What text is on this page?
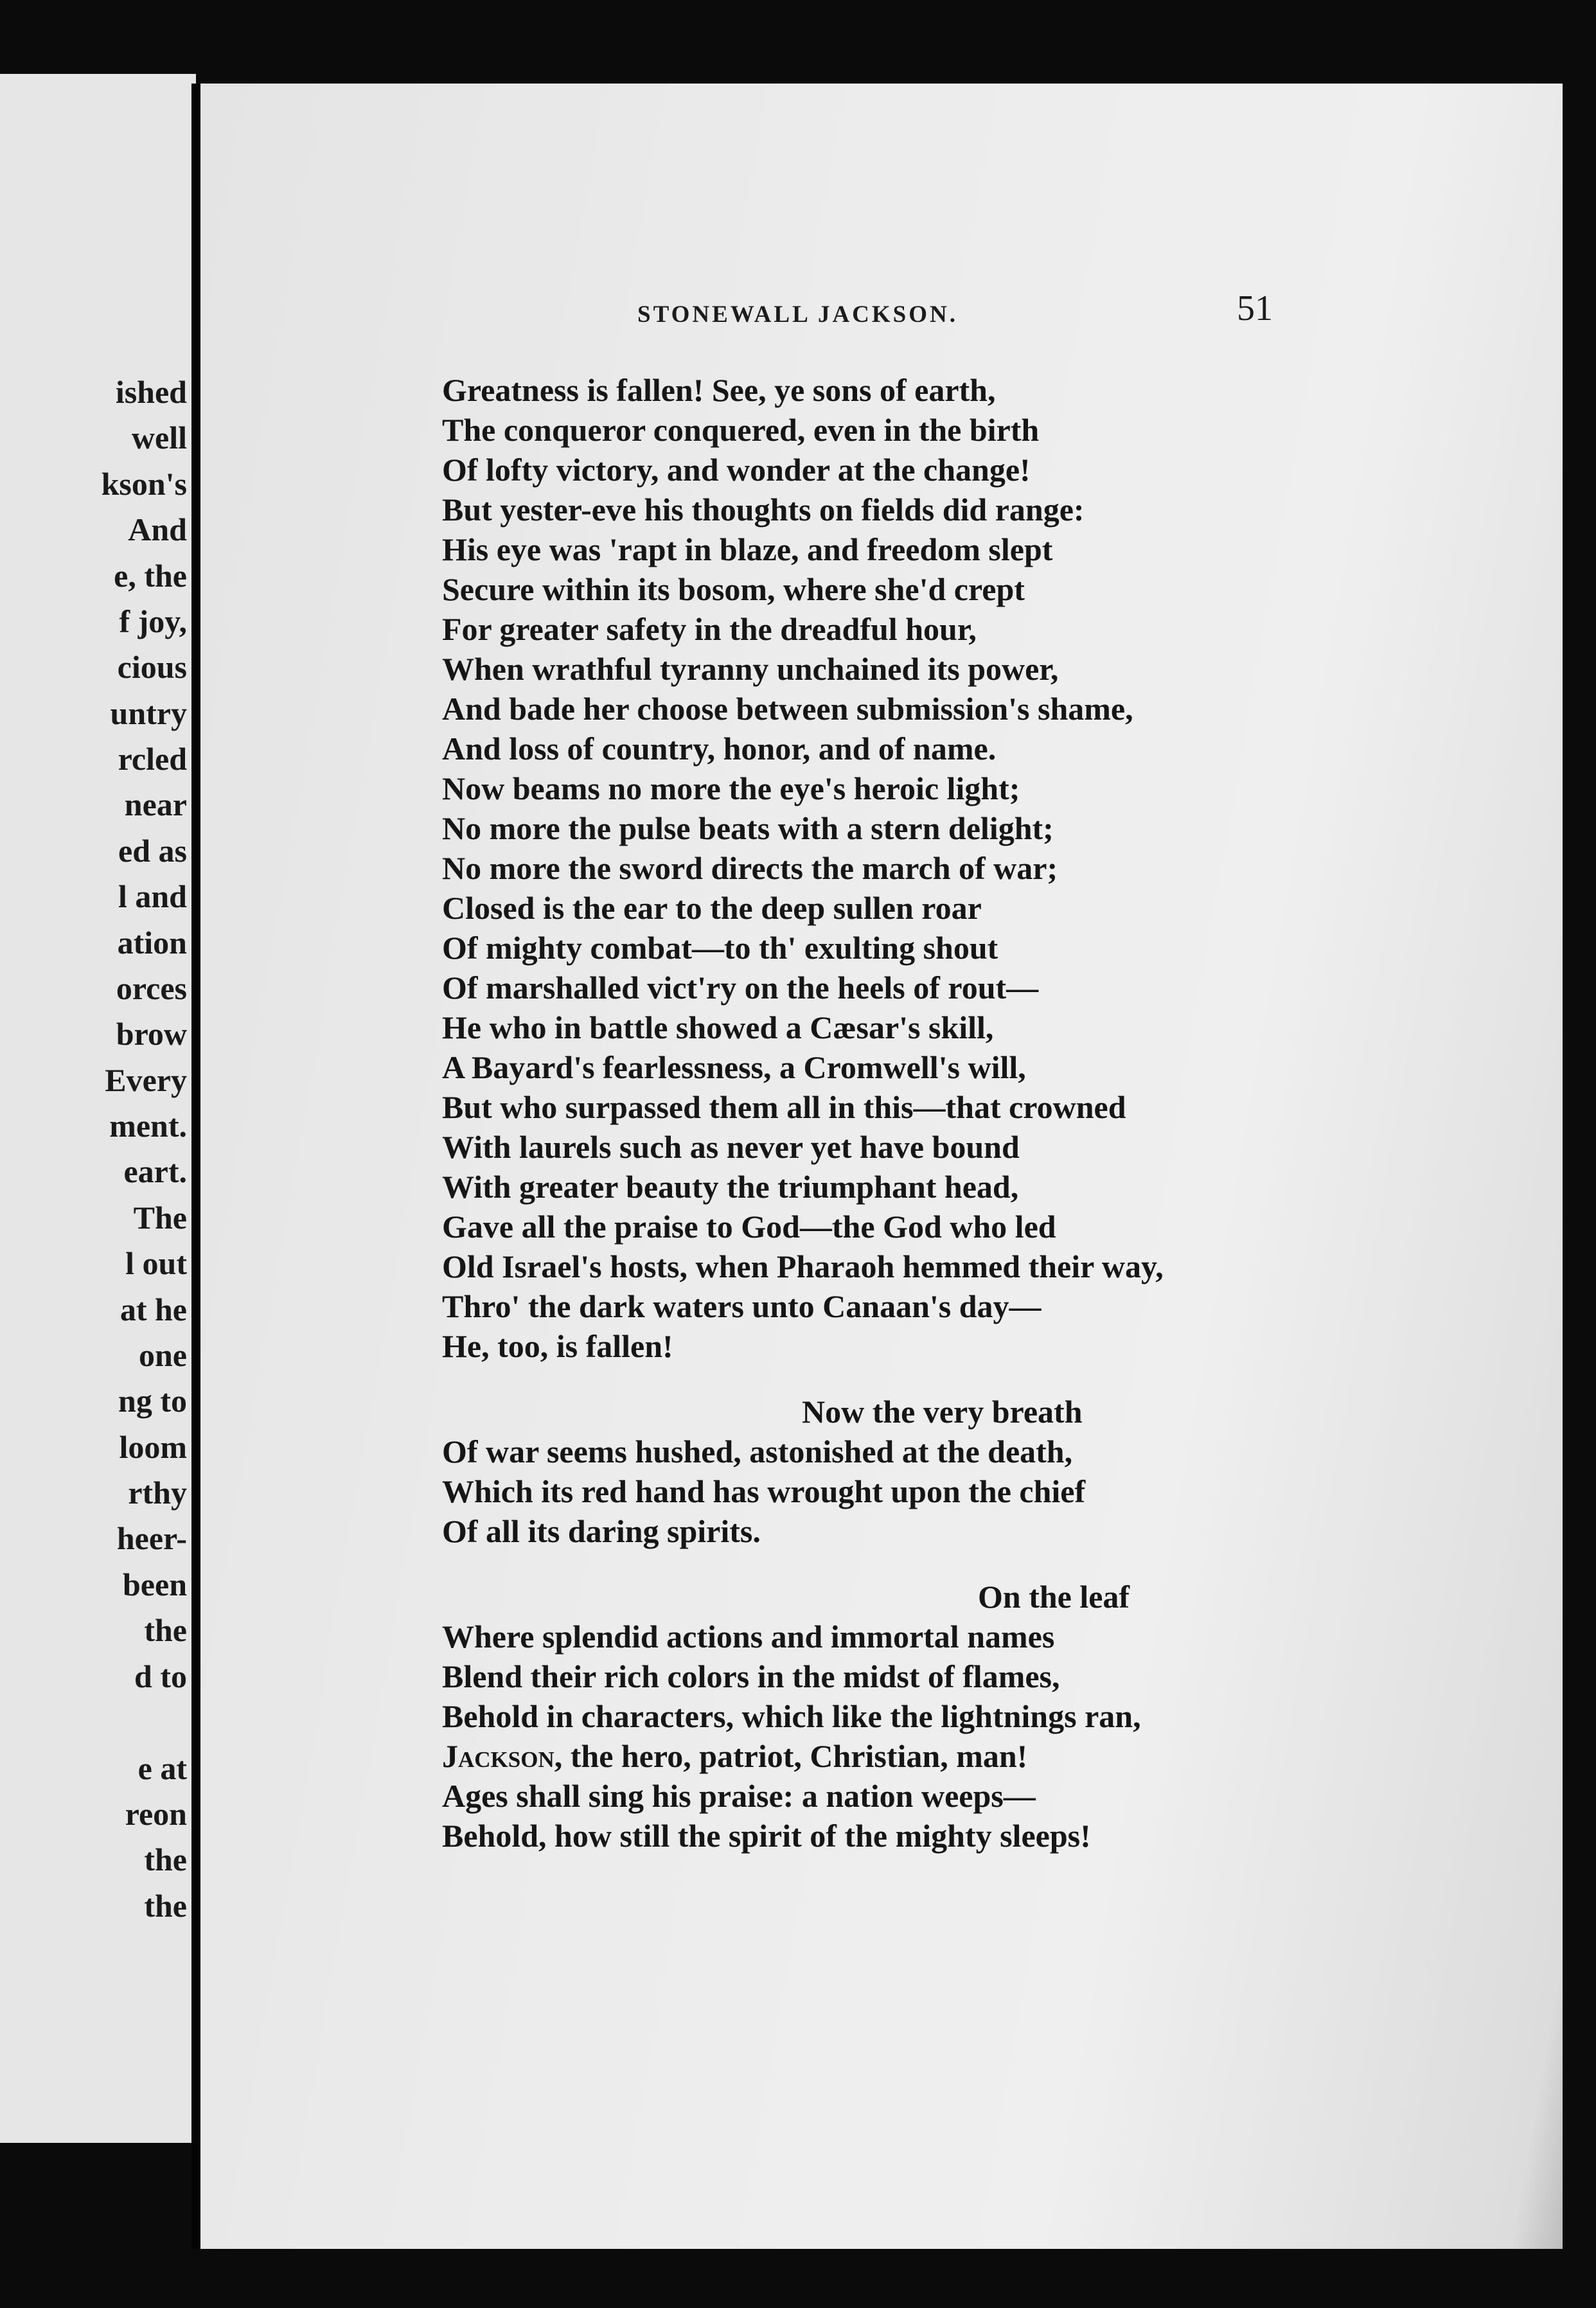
ished
well
kson's
And
e, the
f joy,
cious
untry
rcled
near
ed as
l and
ation
orces
brow
Every
ment.
eart.
The
l out
at he
one
ng to
loom
rthy
heer-
been
the
d to
e at
reon
the
the
STONEWALL JACKSON.	51
Greatness is fallen! See, ye sons of earth,
The conqueror conquered, even in the birth
Of lofty victory, and wonder at the change!
But yester-eve his thoughts on fields did range:
His eye was 'rapt in blaze, and freedom slept
Secure within its bosom, where she'd crept
For greater safety in the dreadful hour,
When wrathful tyranny unchained its power,
And bade her choose between submission's shame,
And loss of country, honor, and of name.
Now beams no more the eye's heroic light;
No more the pulse beats with a stern delight;
No more the sword directs the march of war;
Closed is the ear to the deep sullen roar
Of mighty combat—to th' exulting shout
Of marshalled vict'ry on the heels of rout—
He who in battle showed a Cæsar's skill,
A Bayard's fearlessness, a Cromwell's will,
But who surpassed them all in this—that crowned
With laurels such as never yet have bound
With greater beauty the triumphant head,
Gave all the praise to God—the God who led
Old Israel's hosts, when Pharaoh hemmed their way,
Thro' the dark waters unto Canaan's day—
He, too, is fallen!
Now the very breath
Of war seems hushed, astonished at the death,
Which its red hand has wrought upon the chief
Of all its daring spirits.
On the leaf
Where splendid actions and immortal names
Blend their rich colors in the midst of flames,
Behold in characters, which like the lightnings ran,
Jackson, the hero, patriot, Christian, man!
Ages shall sing his praise: a nation weeps—
Behold, how still the spirit of the mighty sleeps!
